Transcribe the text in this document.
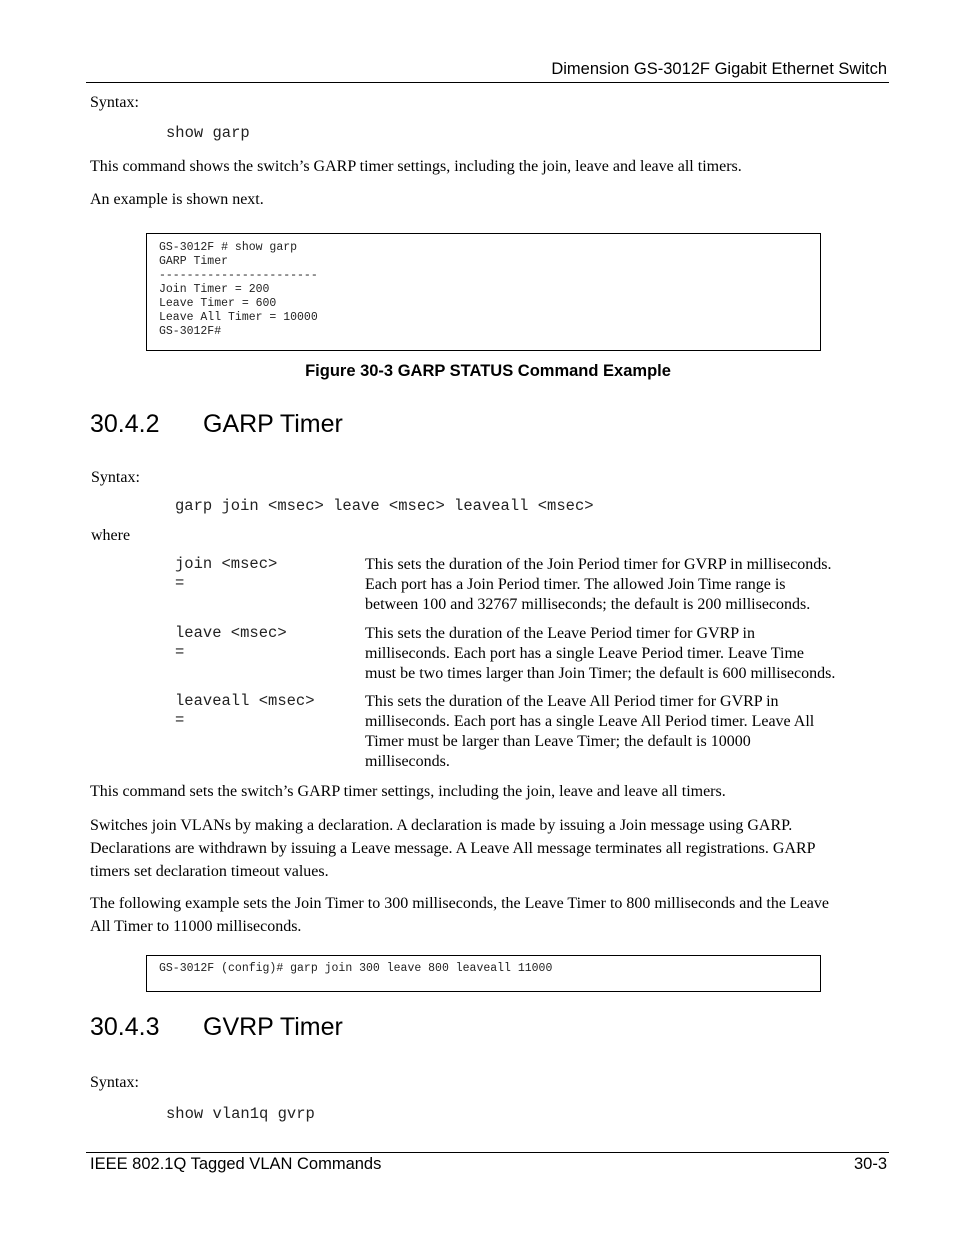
Dimension GS-3012F Gigabit Ethernet Switch
Syntax:
show garp
This command shows the switch’s GARP timer settings, including the join, leave and leave all timers.
An example is shown next.
GS-3012F # show garp
GARP Timer
-----------------------
Join Timer = 200
Leave Timer = 600
Leave All Timer = 10000
GS-3012F#
Figure 30-3 GARP STATUS Command Example
30.4.2 GARP Timer
Syntax:
garp join <msec> leave <msec> leaveall <msec>
where
join <msec>
=
This sets the duration of the Join Period timer for GVRP in milliseconds.
Each port has a Join Period timer. The allowed Join Time range is
between 100 and 32767 milliseconds; the default is 200 milliseconds.
leave <msec>
=
This sets the duration of the Leave Period timer for GVRP in
milliseconds. Each port has a single Leave Period timer. Leave Time
must be two times larger than Join Timer; the default is 600 milliseconds.
leaveall <msec>
=
This sets the duration of the Leave All Period timer for GVRP in
milliseconds. Each port has a single Leave All Period timer. Leave All
Timer must be larger than Leave Timer; the default is 10000
milliseconds.
This command sets the switch’s GARP timer settings, including the join, leave and leave all timers.
Switches join VLANs by making a declaration. A declaration is made by issuing a Join message using GARP.
Declarations are withdrawn by issuing a Leave message. A Leave All message terminates all registrations. GARP
timers set declaration timeout values.
The following example sets the Join Timer to 300 milliseconds, the Leave Timer to 800 milliseconds and the Leave
All Timer to 11000 milliseconds.
GS-3012F (config)# garp join 300 leave 800 leaveall 11000
30.4.3 GVRP Timer
Syntax:
show vlan1q gvrp
IEEE 802.1Q Tagged VLAN Commands	30-3
